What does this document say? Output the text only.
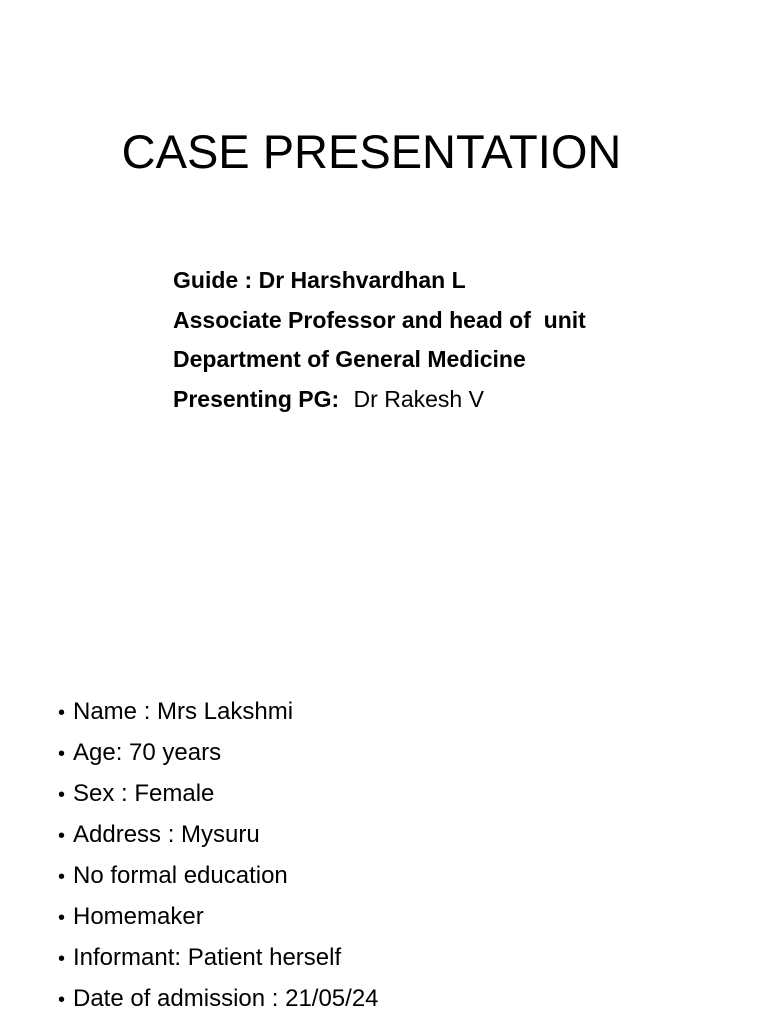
CASE PRESENTATION
Guide : Dr Harshvardhan L
Associate Professor and head of  unit
Department of General Medicine
Presenting PG: Dr Rakesh V
• Name : Mrs Lakshmi
• Age: 70 years
• Sex : Female
• Address : Mysuru
• No formal education
• Homemaker
• Informant: Patient herself
• Date of admission : 21/05/24
